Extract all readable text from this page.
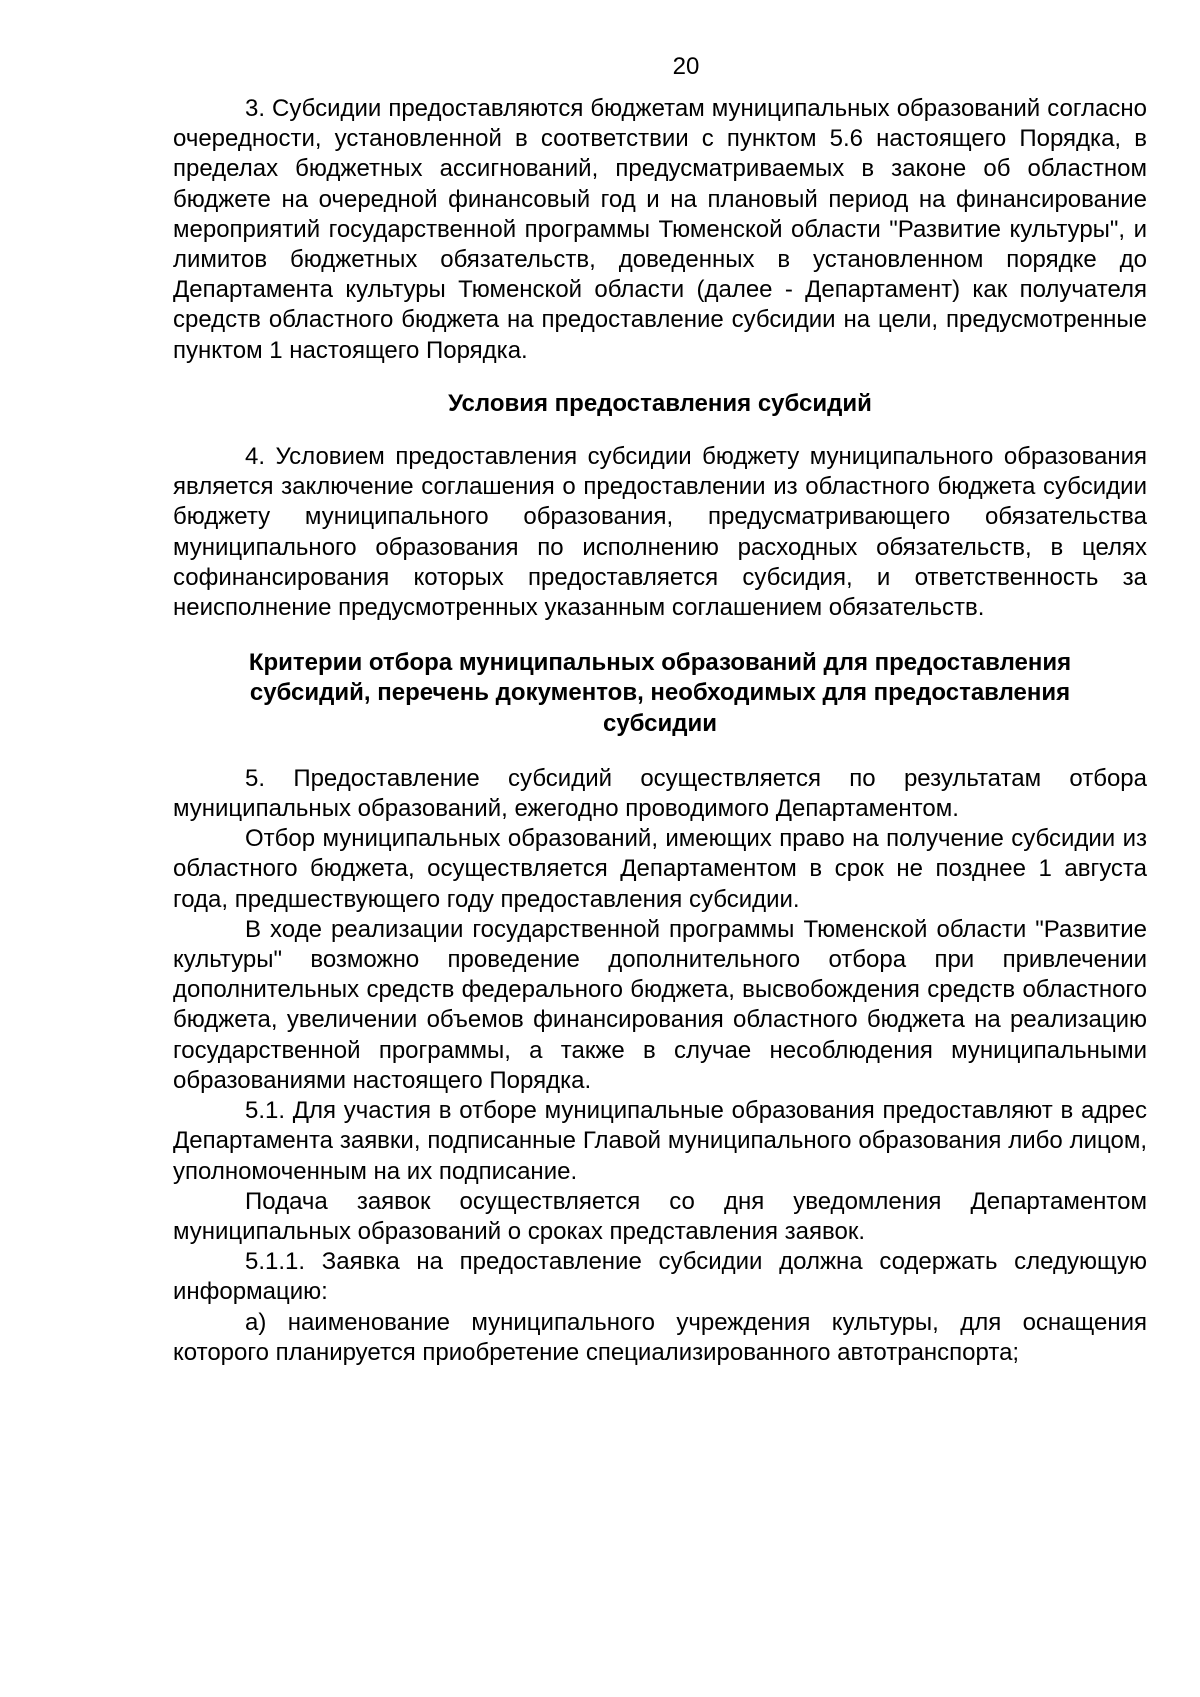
20

3. Субсидии предоставляются бюджетам муниципальных образований согласно очередности, установленной в соответствии с пунктом 5.6 настоящего Порядка, в пределах бюджетных ассигнований, предусматриваемых в законе об областном бюджете на очередной финансовый год и на плановый период на финансирование мероприятий государственной программы Тюменской области "Развитие культуры", и лимитов бюджетных обязательств, доведенных в установленном порядке до Департамента культуры Тюменской области (далее - Департамент) как получателя средств областного бюджета на предоставление субсидии на цели, предусмотренные пунктом 1 настоящего Порядка.

Условия предоставления субсидий

4. Условием предоставления субсидии бюджету муниципального образования является заключение соглашения о предоставлении из областного бюджета субсидии бюджету муниципального образования, предусматривающего обязательства муниципального образования по исполнению расходных обязательств, в целях софинансирования которых предоставляется субсидия, и ответственность за неисполнение предусмотренных указанным соглашением обязательств.

Критерии отбора муниципальных образований для предоставления

субсидий, перечень документов, необходимых для предоставления

субсидии

5. Предоставление субсидий осуществляется по результатам отбора муниципальных образований, ежегодно проводимого Департаментом.

Отбор муниципальных образований, имеющих право на получение субсидии из областного бюджета, осуществляется Департаментом в срок не позднее 1 августа года, предшествующего году предоставления субсидии.

В ходе реализации государственной программы Тюменской области "Развитие культуры" возможно проведение дополнительного отбора при привлечении дополнительных средств федерального бюджета, высвобождения средств областного бюджета, увеличении объемов финансирования областного бюджета на реализацию государственной программы, а также в случае несоблюдения муниципальными образованиями настоящего Порядка.

5.1. Для участия в отборе муниципальные образования предоставляют в адрес Департамента заявки, подписанные Главой муниципального образования либо лицом, уполномоченным на их подписание.

Подача заявок осуществляется со дня уведомления Департаментом муниципальных образований о сроках представления заявок.

5.1.1. Заявка на предоставление субсидии должна содержать следующую информацию:

а) наименование муниципального учреждения культуры, для оснащения которого планируется приобретение специализированного автотранспорта;
